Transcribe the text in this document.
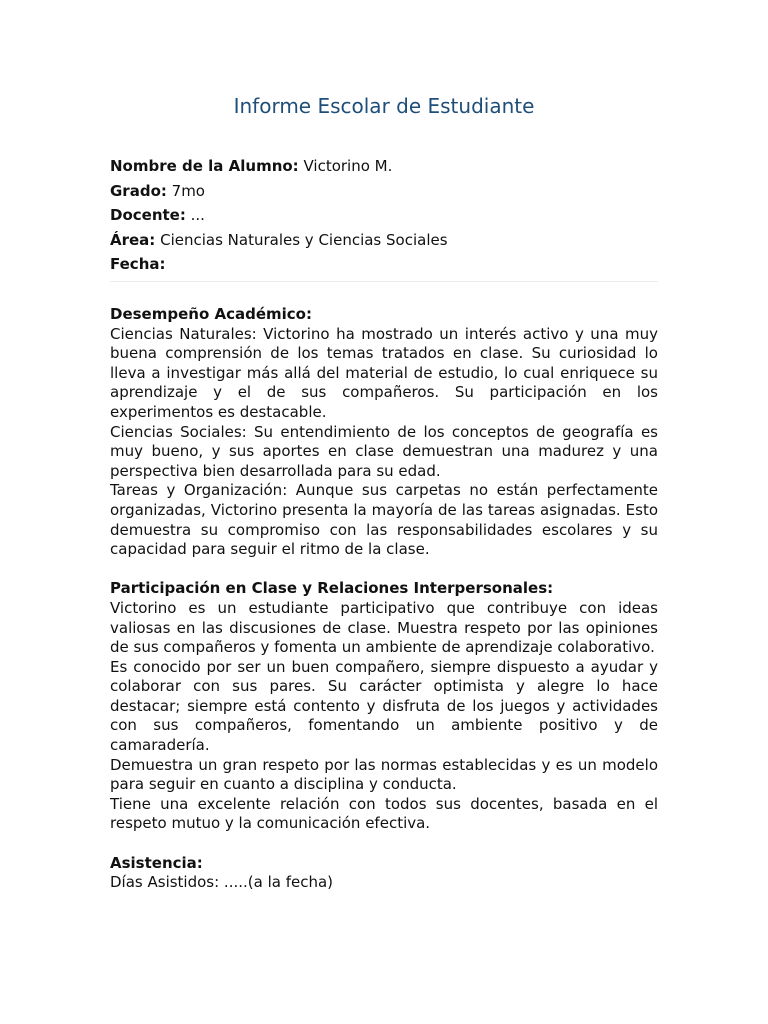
Informe Escolar de Estudiante
Nombre de la Alumno: Victorino M.
Grado: 7mo
Docente: ...
Área: Ciencias Naturales y Ciencias Sociales
Fecha:

Desempeño Académico:

Ciencias Naturales: Victorino ha mostrado un interés activo y una muy buena comprensión de los temas tratados en clase. Su curiosidad lo lleva a investigar más allá del material de estudio, lo cual enriquece su aprendizaje y el de sus compañeros. Su participación en los experimentos es destacable.

Ciencias Sociales: Su entendimiento de los conceptos de geografía es muy bueno, y sus aportes en clase demuestran una madurez y una perspectiva bien desarrollada para su edad.

Tareas y Organización: Aunque sus carpetas no están perfectamente organizadas, Victorino presenta la mayoría de las tareas asignadas. Esto demuestra su compromiso con las responsabilidades escolares y su capacidad para seguir el ritmo de la clase.

Participación en Clase y Relaciones Interpersonales:

Victorino es un estudiante participativo que contribuye con ideas valiosas en las discusiones de clase. Muestra respeto por las opiniones de sus compañeros y fomenta un ambiente de aprendizaje colaborativo.

Es conocido por ser un buen compañero, siempre dispuesto a ayudar y colaborar con sus pares. Su carácter optimista y alegre lo hace destacar; siempre está contento y disfruta de los juegos y actividades con sus compañeros, fomentando un ambiente positivo y de camaradería.

Demuestra un gran respeto por las normas establecidas y es un modelo para seguir en cuanto a disciplina y conducta.

Tiene una excelente relación con todos sus docentes, basada en el respeto mutuo y la comunicación efectiva.

Asistencia:

Días Asistidos: .....(a la fecha)
